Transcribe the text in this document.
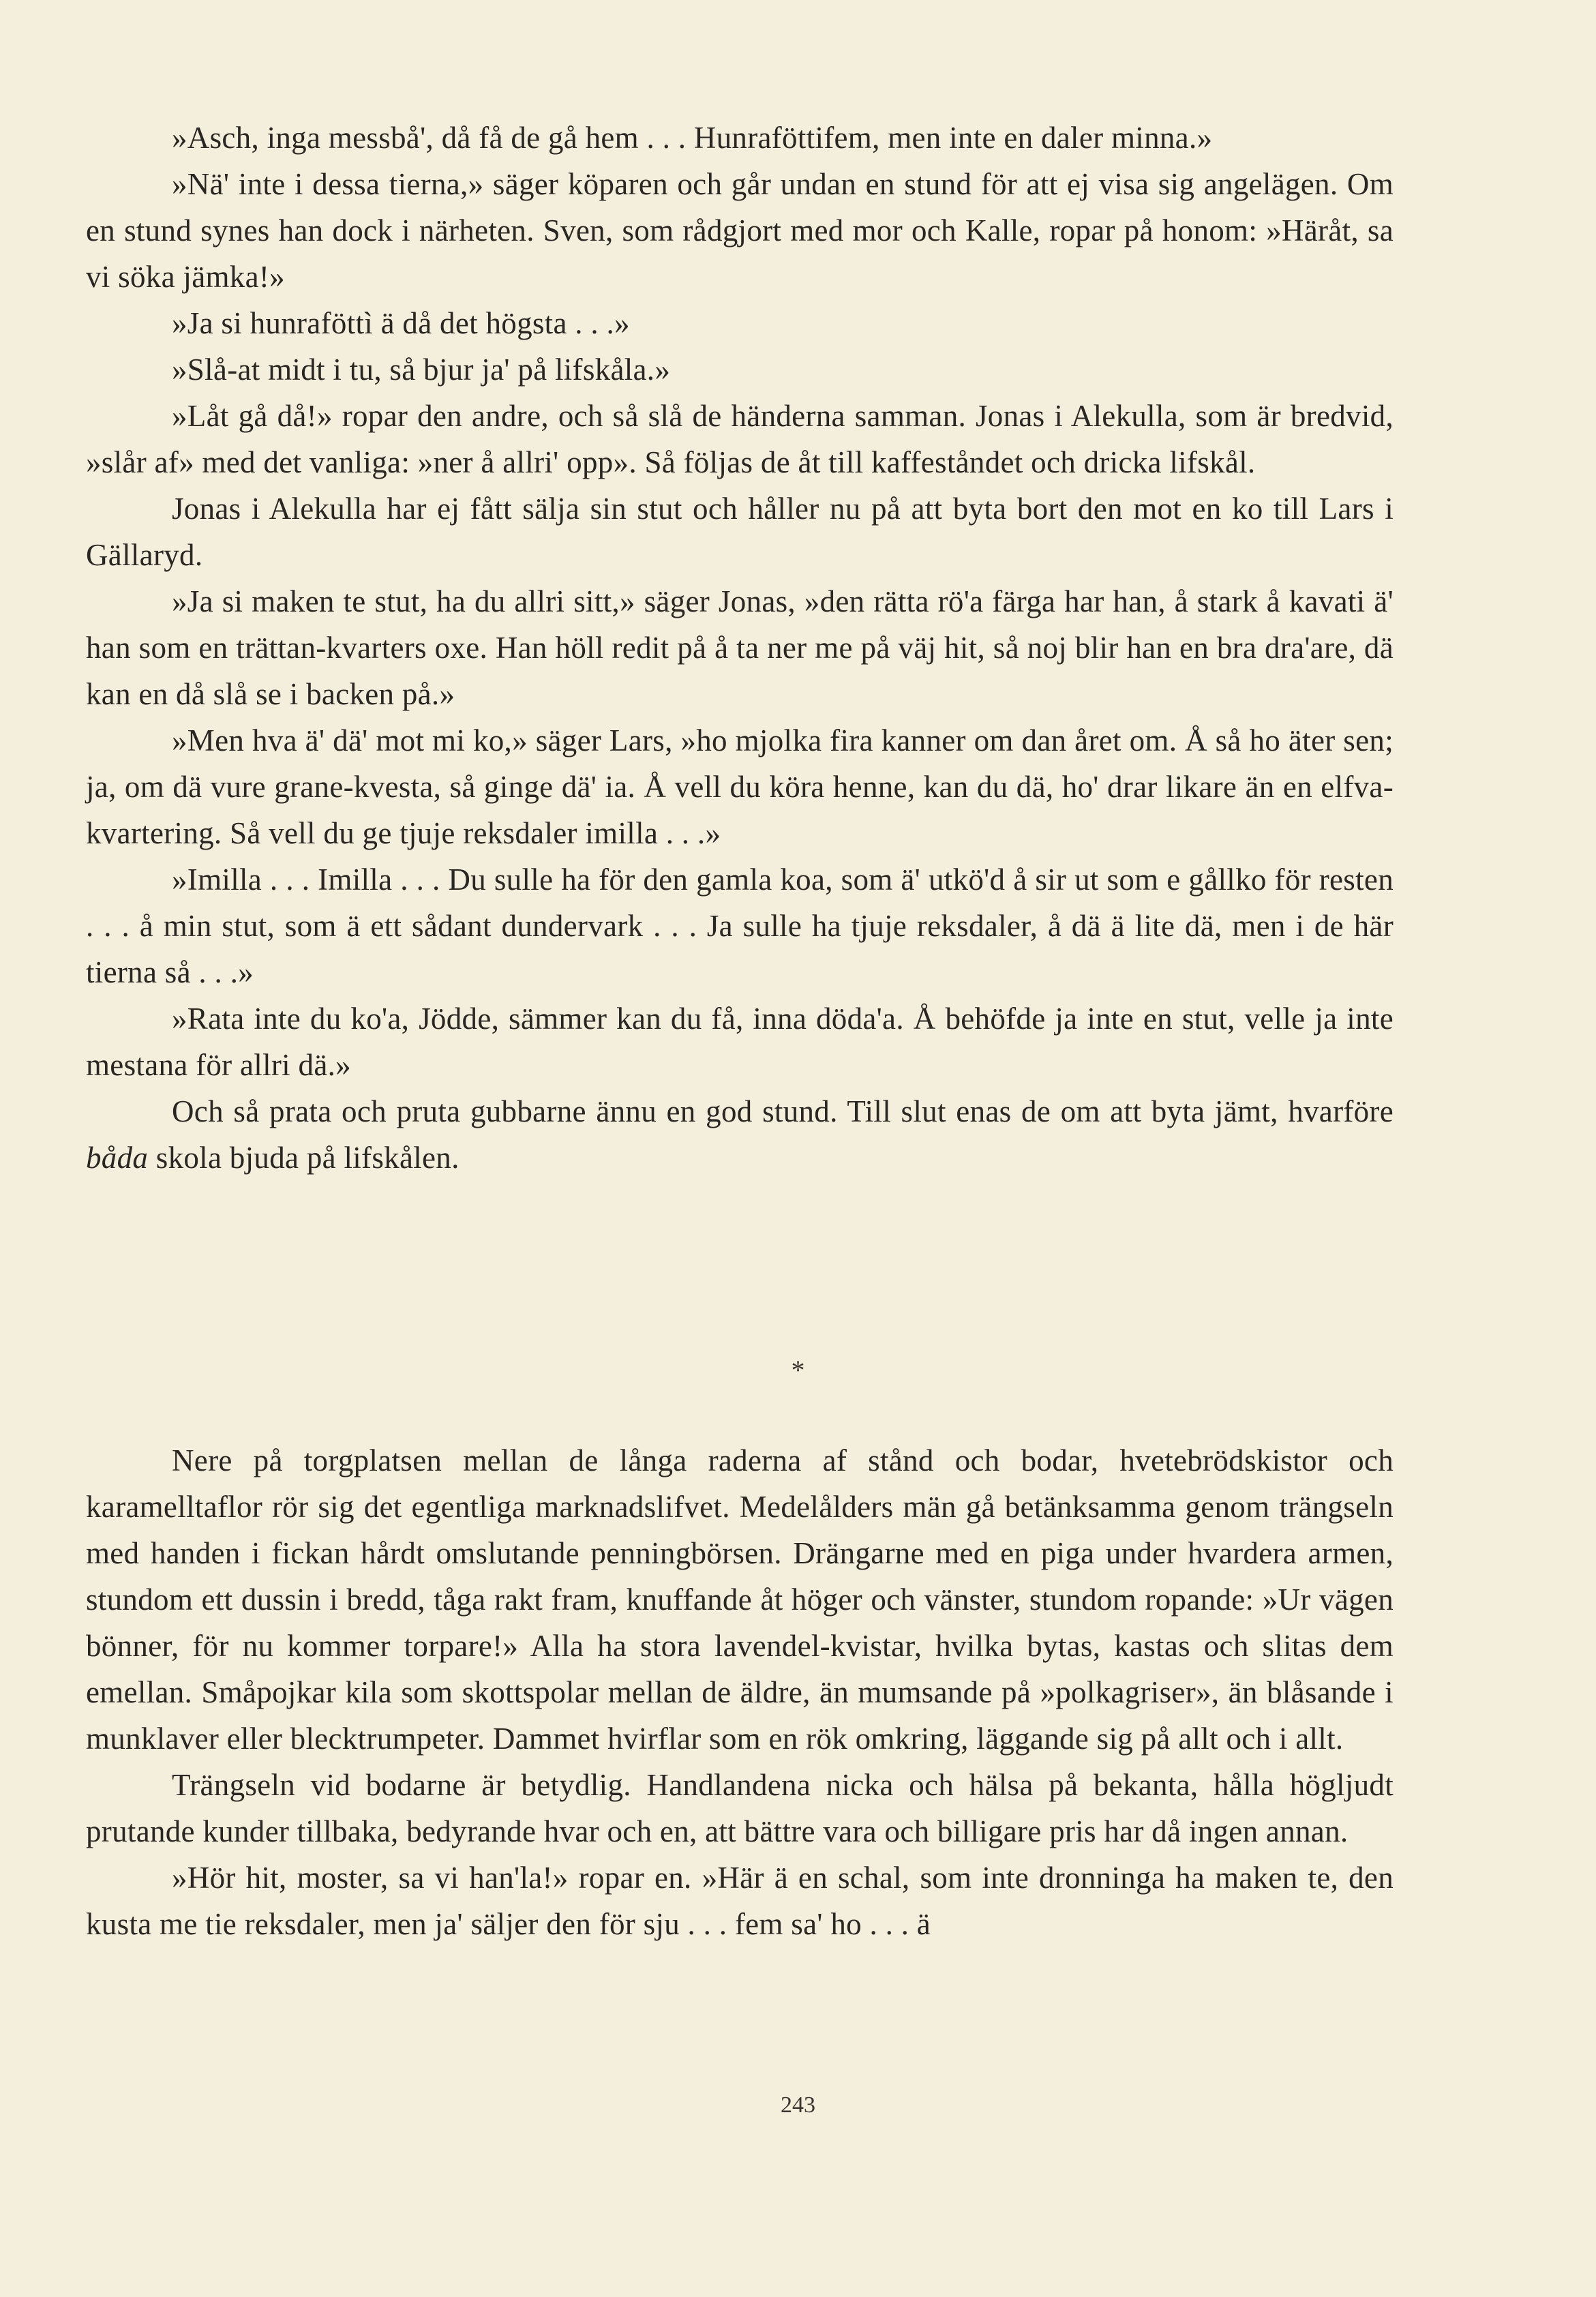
»Asch, inga messbå', då få de gå hem . . . Hunraföttifem, men inte en daler minna.»

»Nä' inte i dessa tierna,» säger köparen och går undan en stund för att ej visa sig angelägen. Om en stund synes han dock i närheten. Sven, som rådgjort med mor och Kalle, ropar på honom: »Häråt, sa vi söka jämka!»

»Ja si hunraföttì ä då det högsta . . .»

»Slå-at midt i tu, så bjur ja' på lifskåla.»

»Låt gå då!» ropar den andre, och så slå de händerna samman. Jonas i Alekulla, som är bredvid, »slår af» med det vanliga: »ner å allri' opp». Så följas de åt till kaffeståndet och dricka lifskål.

Jonas i Alekulla har ej fått sälja sin stut och håller nu på att byta bort den mot en ko till Lars i Gällaryd.

»Ja si maken te stut, ha du allri sitt,» säger Jonas, »den rätta rö'a färga har han, å stark å kavati ä' han som en trättan-kvarters oxe. Han höll redit på å ta ner me på väj hit, så noj blir han en bra dra'are, dä kan en då slå se i backen på.»

»Men hva ä' dä' mot mi ko,» säger Lars, »ho mjolka fira kanner om dan året om. Å så ho äter sen; ja, om dä vure grane-kvesta, så ginge dä' ia. Å vell du köra henne, kan du dä, ho' drar likare än en elfva-kvartering. Så vell du ge tjuje reksdaler imilla . . .»

»Imilla . . . Imilla . . . Du sulle ha för den gamla koa, som ä' utkö'd å sir ut som e gållko för resten . . . å min stut, som ä ett sådant dundervark . . . Ja sulle ha tjuje reksdaler, å dä ä lite dä, men i de här tierna så . . .»

»Rata inte du ko'a, Jödde, sämmer kan du få, inna döda'a. Å behöfde ja inte en stut, velle ja inte mestana för allri dä.»

Och så prata och pruta gubbarne ännu en god stund. Till slut enas de om att byta jämt, hvarföre båda skola bjuda på lifskålen.

*

Nere på torgplatsen mellan de långa raderna af stånd och bodar, hvetebrödskistor och karamelltaflor rör sig det egentliga marknadslifvet. Medelålders män gå betänksamma genom trängseln med handen i fickan hårdt omslutande penningbörsen. Drängarne med en piga under hvardera armen, stundom ett dussin i bredd, tåga rakt fram, knuffande åt höger och vänster, stundom ropande: »Ur vägen bönner, för nu kommer torpare!» Alla ha stora lavendel-kvistar, hvilka bytas, kastas och slitas dem emellan. Småpojkar kila som skottspolar mellan de äldre, än mumsande på »polkagriser», än blåsande i munklaver eller blecktrumpeter. Dammet hvirflar som en rök omkring, läggande sig på allt och i allt.

Trängseln vid bodarne är betydlig. Handlandena nicka och hälsa på bekanta, hålla högljudt prutande kunder tillbaka, bedyrande hvar och en, att bättre vara och billigare pris har då ingen annan.

»Hör hit, moster, sa vi han'la!» ropar en. »Här ä en schal, som inte dronninga ha maken te, den kusta me tie reksdaler, men ja' säljer den för sju . . . fem sa' ho . . . ä

243
